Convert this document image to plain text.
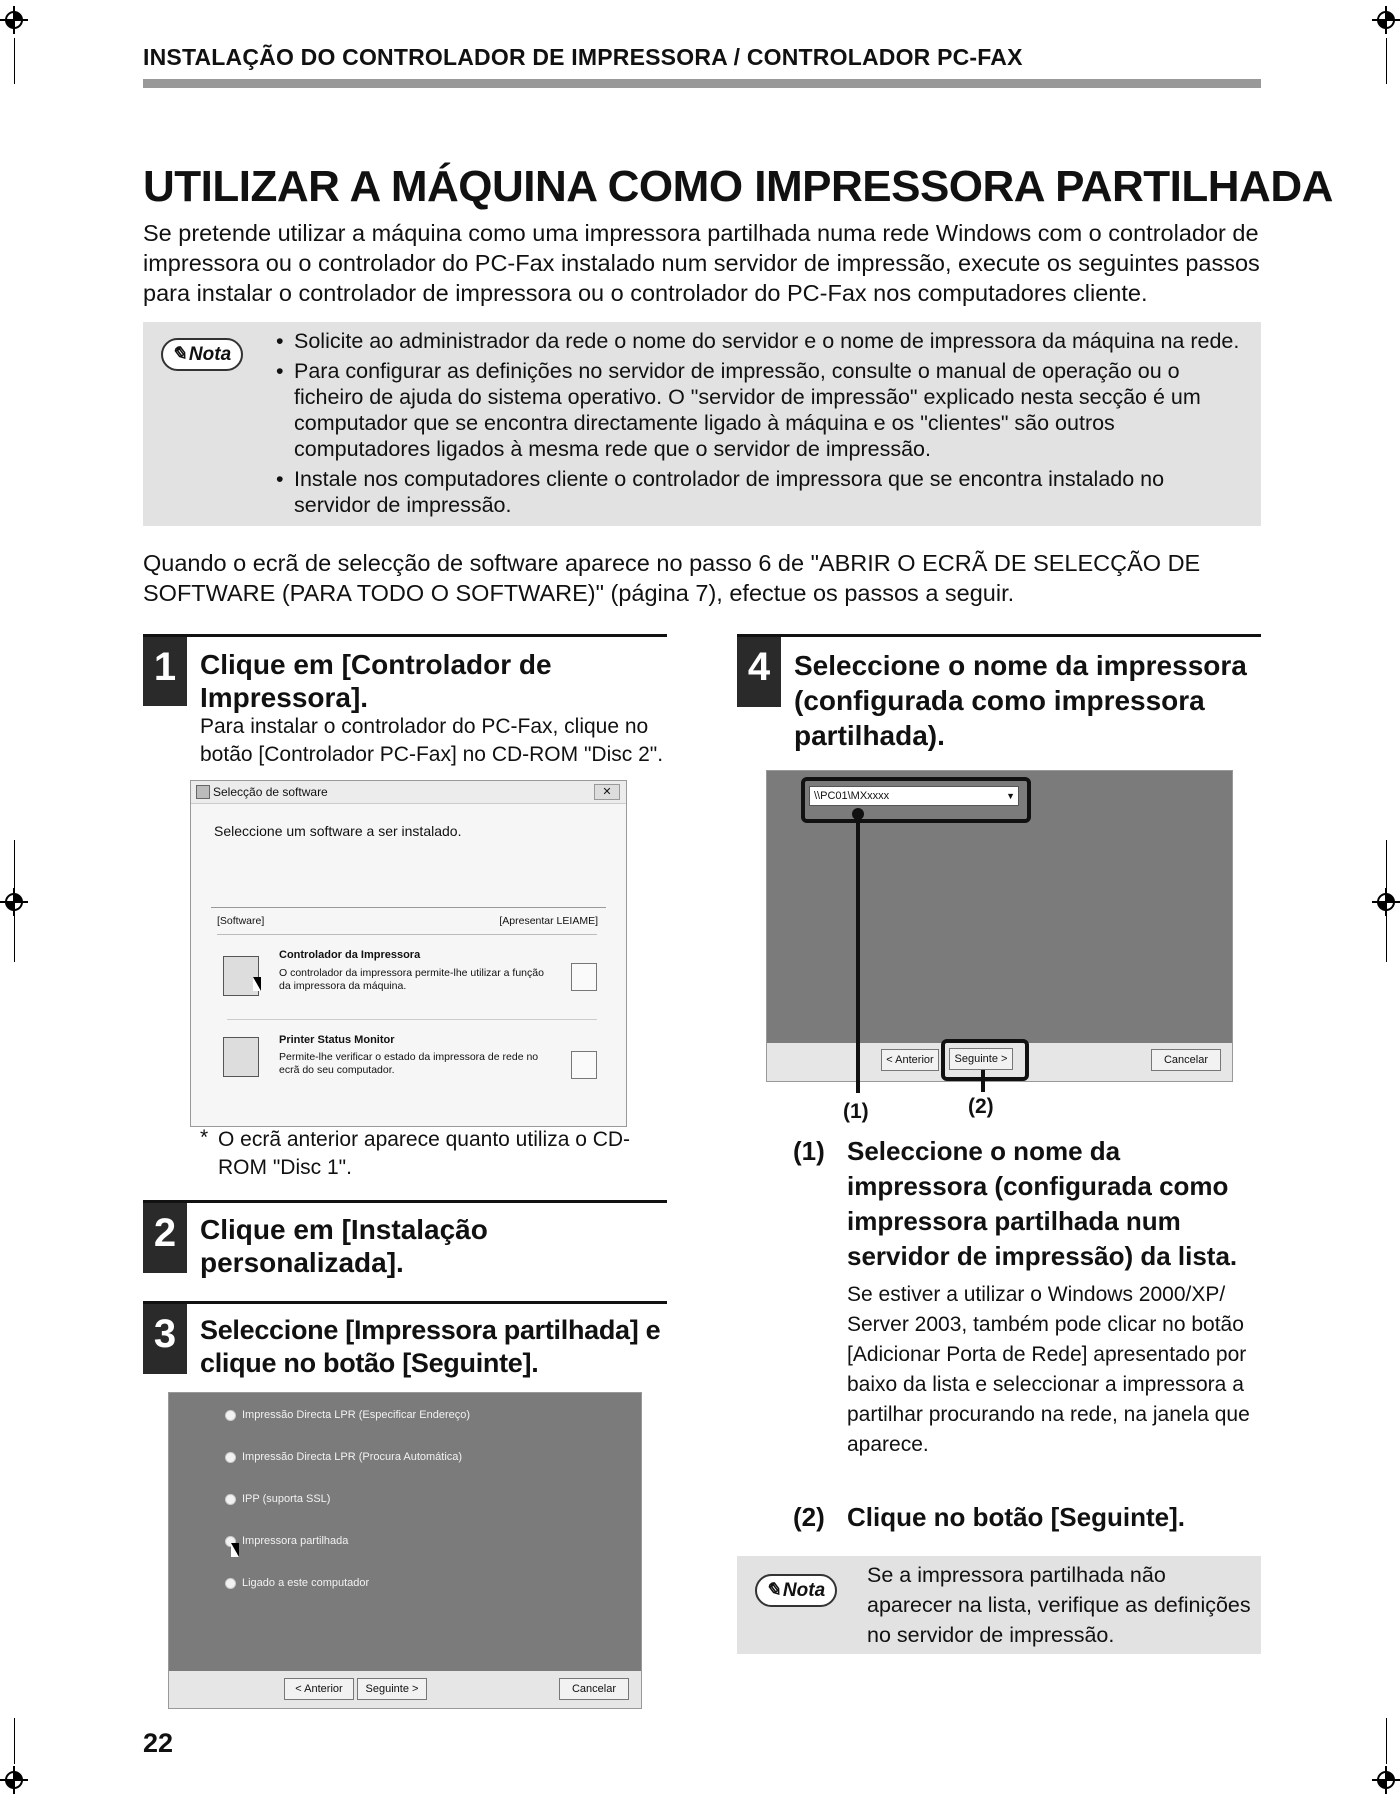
INSTALAÇÃO DO CONTROLADOR DE IMPRESSORA / CONTROLADOR PC-FAX
UTILIZAR A MÁQUINA COMO IMPRESSORA PARTILHADA
Se pretende utilizar a máquina como uma impressora partilhada numa rede Windows com o controlador de impressora ou o controlador do PC-Fax instalado num servidor de impressão, execute os seguintes passos para instalar o controlador de impressora ou o controlador do PC-Fax nos computadores cliente.
✎ Nota
• Solicite ao administrador da rede o nome do servidor e o nome de impressora da máquina na rede.
• Para configurar as definições no servidor de impressão, consulte o manual de operação ou o ficheiro de ajuda do sistema operativo. O "servidor de impressão" explicado nesta secção é um computador que se encontra directamente ligado à máquina e os "clientes" são outros computadores ligados à mesma rede que o servidor de impressão.
• Instale nos computadores cliente o controlador de impressora que se encontra instalado no servidor de impressão.
Quando o ecrã de selecção de software aparece no passo 6 de "ABRIR O ECRÃ DE SELECÇÃO DE SOFTWARE (PARA TODO O SOFTWARE)" (página 7), efectue os passos a seguir.
1 Clique em [Controlador de Impressora].
Para instalar o controlador do PC-Fax, clique no botão [Controlador PC-Fax] no CD-ROM "Disc 2".
Selecção de software	✕
Seleccione um software a ser instalado.
[Software]	[Apresentar LEIAME]
Controlador da Impressora
O controlador da impressora permite-lhe utilizar a função da impressora da máquina.
Printer Status Monitor
Permite-lhe verificar o estado da impressora de rede no ecrã do seu computador.
* O ecrã anterior aparece quanto utiliza o CD-ROM "Disc 1".
2 Clique em [Instalação personalizada].
3 Seleccione [Impressora partilhada] e clique no botão [Seguinte].
Impressão Directa LPR (Especificar Endereço)
Impressão Directa LPR (Procura Automática)
IPP (suporta SSL)
Impressora partilhada
Ligado a este computador
< Anterior	Seguinte >	Cancelar
4 Seleccione o nome da impressora (configurada como impressora partilhada).
\\PC01\MXxxxx	▼
< Anterior	Seguinte >	Cancelar
(1)	(2)
(1) Seleccione o nome da impressora (configurada como impressora partilhada num servidor de impressão) da lista.
Se estiver a utilizar o Windows 2000/XP/ Server 2003, também pode clicar no botão [Adicionar Porta de Rede] apresentado por baixo da lista e seleccionar a impressora a partilhar procurando na rede, na janela que aparece.
(2) Clique no botão [Seguinte].
✎ Nota
Se a impressora partilhada não aparecer na lista, verifique as definições no servidor de impressão.
22
